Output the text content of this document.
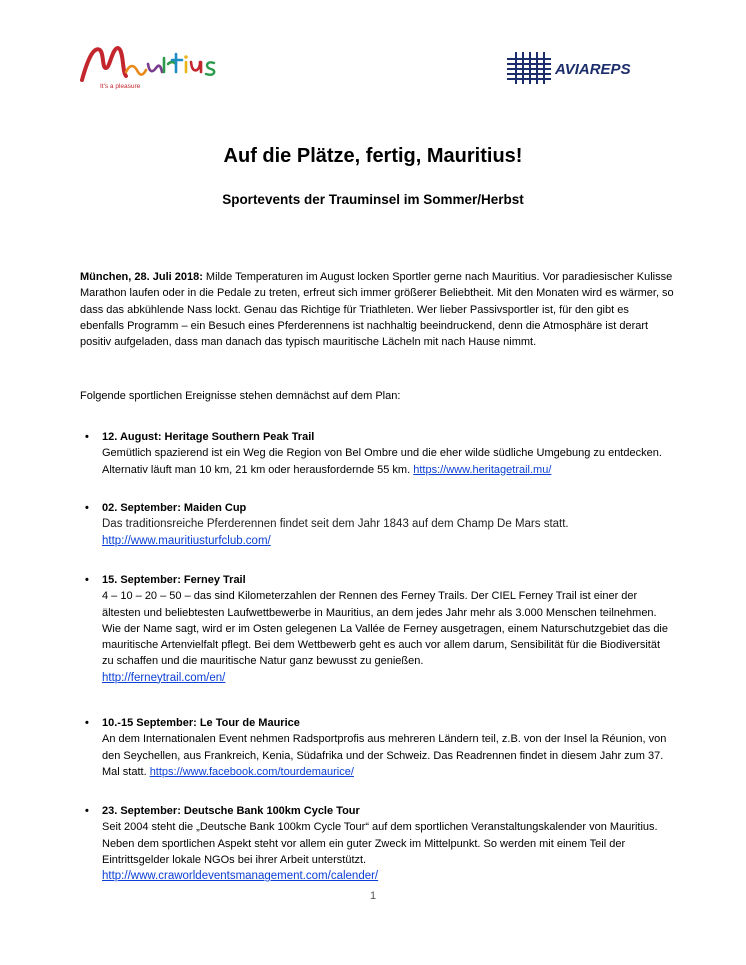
It's a pleasure
AVIAREPS
Auf die Plätze, fertig, Mauritius!
Sportevents der Trauminsel im Sommer/Herbst
München, 28. Juli 2018: Milde Temperaturen im August locken Sportler gerne nach Mauritius. Vor paradiesischer Kulisse Marathon laufen oder in die Pedale zu treten, erfreut sich immer größerer Beliebtheit. Mit den Monaten wird es wärmer, so dass das abkühlende Nass lockt. Genau das Richtige für Triathleten. Wer lieber Passivsportler ist, für den gibt es ebenfalls Programm – ein Besuch eines Pferderennens ist nachhaltig beeindruckend, denn die Atmosphäre ist derart positiv aufgeladen, dass man danach das typisch mauritische Lächeln mit nach Hause nimmt.
Folgende sportlichen Ereignisse stehen demnächst auf dem Plan:
• 12. August: Heritage Southern Peak Trail
Gemütlich spazierend ist ein Weg die Region von Bel Ombre und die eher wilde südliche Umgebung zu entdecken. Alternativ läuft man 10 km, 21 km oder herausfordernde 55 km. https://www.heritagetrail.mu/
• 02. September: Maiden Cup
Das traditionsreiche Pferderennen findet seit dem Jahr 1843 auf dem Champ De Mars statt.
http://www.mauritiusturfclub.com/
• 15. September: Ferney Trail
4 – 10 – 20 – 50 – das sind Kilometerzahlen der Rennen des Ferney Trails. Der CIEL Ferney Trail ist einer der ältesten und beliebtesten Laufwettbewerbe in Mauritius, an dem jedes Jahr mehr als 3.000 Menschen teilnehmen. Wie der Name sagt, wird er im Osten gelegenen La Vallée de Ferney ausgetragen, einem Naturschutzgebiet das die mauritische Artenvielfalt pflegt. Bei dem Wettbewerb geht es auch vor allem darum, Sensibilität für die Biodiversität zu schaffen und die mauritische Natur ganz bewusst zu genießen.
http://ferneytrail.com/en/
• 10.-15 September: Le Tour de Maurice
An dem Internationalen Event nehmen Radsportprofis aus mehreren Ländern teil, z.B. von der Insel la Réunion, von den Seychellen, aus Frankreich, Kenia, Südafrika und der Schweiz. Das Readrennen findet in diesem Jahr zum 37. Mal statt. https://www.facebook.com/tourdemaurice/
• 23. September: Deutsche Bank 100km Cycle Tour
Seit 2004 steht die „Deutsche Bank 100km Cycle Tour“ auf dem sportlichen Veranstaltungskalender von Mauritius. Neben dem sportlichen Aspekt steht vor allem ein guter Zweck im Mittelpunkt. So werden mit einem Teil der Eintrittsgelder lokale NGOs bei ihrer Arbeit unterstützt.
http://www.craworldeventsmanagement.com/calender/
1
